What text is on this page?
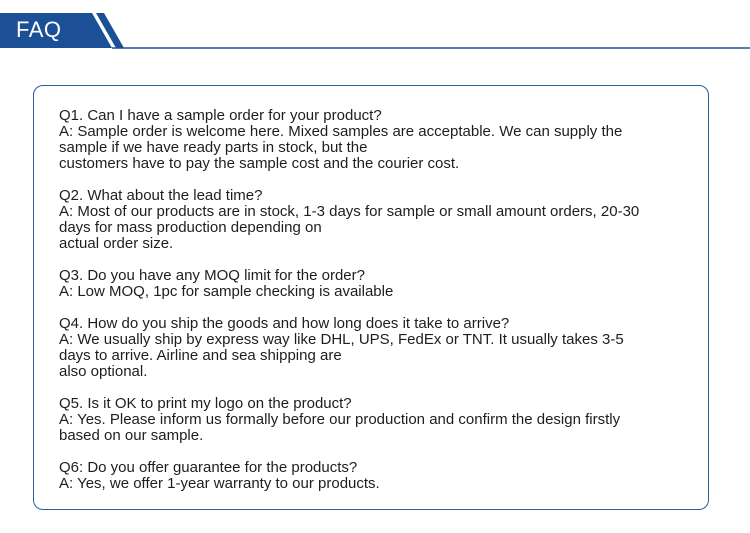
FAQ

Q1. Can I have a sample order for your product?

A: Sample order is welcome here. Mixed samples are acceptable. We can supply the
sample if we have ready parts in stock, but the
customers have to pay the sample cost and the courier cost.

Q2. What about the lead time?

A: Most of our products are in stock, 1-3 days for sample or small amount orders, 20-30
days for mass production depending on
actual order size.

Q3. Do you have any MOQ limit for the order?

A: Low MOQ, 1pc for sample checking is available

Q4. How do you ship the goods and how long does it take to arrive?

A: We usually ship by express way like DHL, UPS, FedEx or TNT. It usually takes 3-5
days to arrive. Airline and sea shipping are
also optional.

Q5. Is it OK to print my logo on the product?

A: Yes. Please inform us formally before our production and confirm the design firstly
based on our sample.

Q6: Do you offer guarantee for the products?

A: Yes, we offer 1-year warranty to our products.
